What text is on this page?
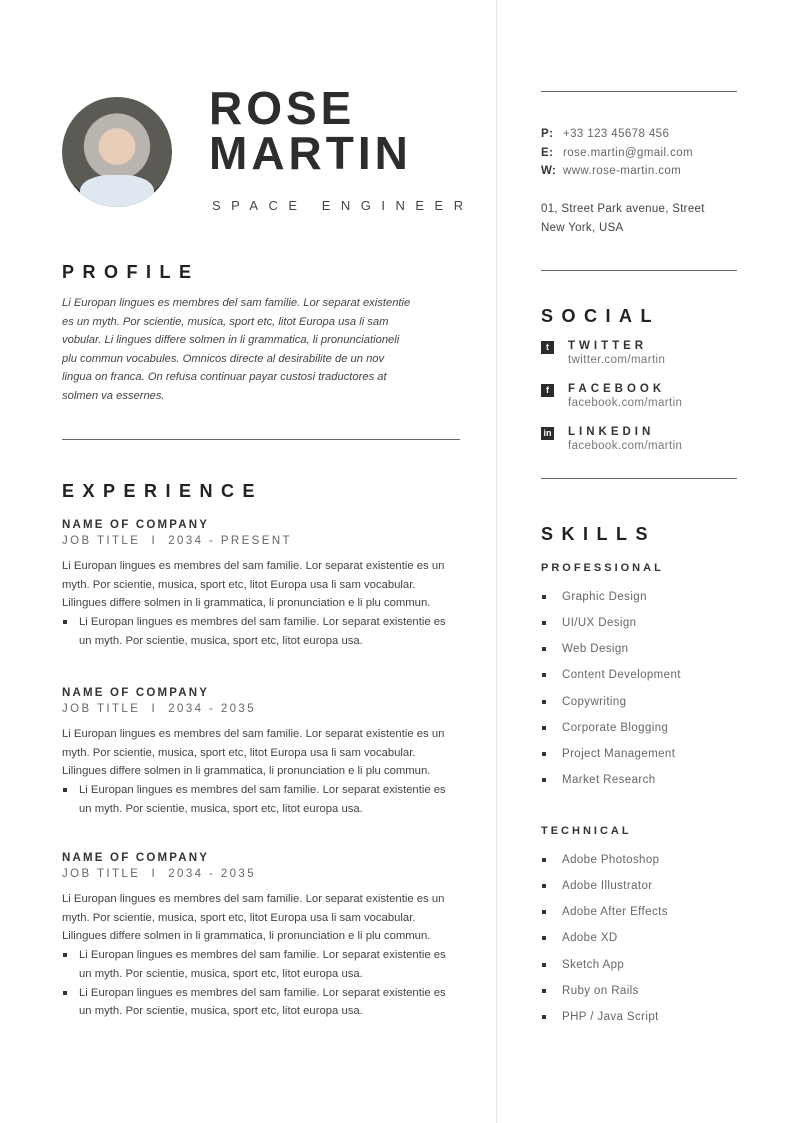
ROSE
MARTIN
SPACE ENGINEER
PROFILE
Li Europan lingues es membres del sam familie. Lor separat existentie es un myth. Por scientie, musica, sport etc, litot Europa usa li sam vobular. Li lingues differe solmen in li grammatica, li pronunciationeli plu commun vocabules. Omnicos directe al desirabilite de un nov lingua on franca. On refusa continuar payar custosi traductores at solmen va essernes.
EXPERIENCE
NAME OF COMPANY
JOB TITLE  I  2034 - PRESENT
Li Europan lingues es membres del sam familie. Lor separat existentie es un myth. Por scientie, musica, sport etc, litot Europa usa li sam vocabular. Lilingues differe solmen in li grammatica, li pronunciation e li plu commun.
Li Europan lingues es membres del sam familie. Lor separat existentie es un myth. Por scientie, musica, sport etc, litot europa usa.
NAME OF COMPANY
JOB TITLE  I  2034 - 2035
Li Europan lingues es membres del sam familie. Lor separat existentie es un myth. Por scientie, musica, sport etc, litot Europa usa li sam vocabular. Lilingues differe solmen in li grammatica, li pronunciation e li plu commun.
Li Europan lingues es membres del sam familie. Lor separat existentie es un myth. Por scientie, musica, sport etc, litot europa usa.
NAME OF COMPANY
JOB TITLE  I  2034 - 2035
Li Europan lingues es membres del sam familie. Lor separat existentie es un myth. Por scientie, musica, sport etc, litot Europa usa li sam vocabular. Lilingues differe solmen in li grammatica, li pronunciation e li plu commun.
Li Europan lingues es membres del sam familie. Lor separat existentie es un myth. Por scientie, musica, sport etc, litot europa usa.
Li Europan lingues es membres del sam familie. Lor separat existentie es un myth. Por scientie, musica, sport etc, litot europa usa.
P: +33 123 45678 456
E: rose.martin@gmail.com
W: www.rose-martin.com
01, Street Park avenue, Street
New York, USA
SOCIAL
t	TWITTER
twitter.com/martin
f	FACEBOOK
facebook.com/martin
in LINKEDIN
facebook.com/martin
SKILLS
PROFESSIONAL
Graphic Design
UI/UX Design
Web Design
Content Development
Copywriting
Corporate Blogging
Project Management
Market Research
TECHNICAL
Adobe Photoshop
Adobe Illustrator
Adobe After Effects
Adobe XD
Sketch App
Ruby on Rails
PHP / Java Script
